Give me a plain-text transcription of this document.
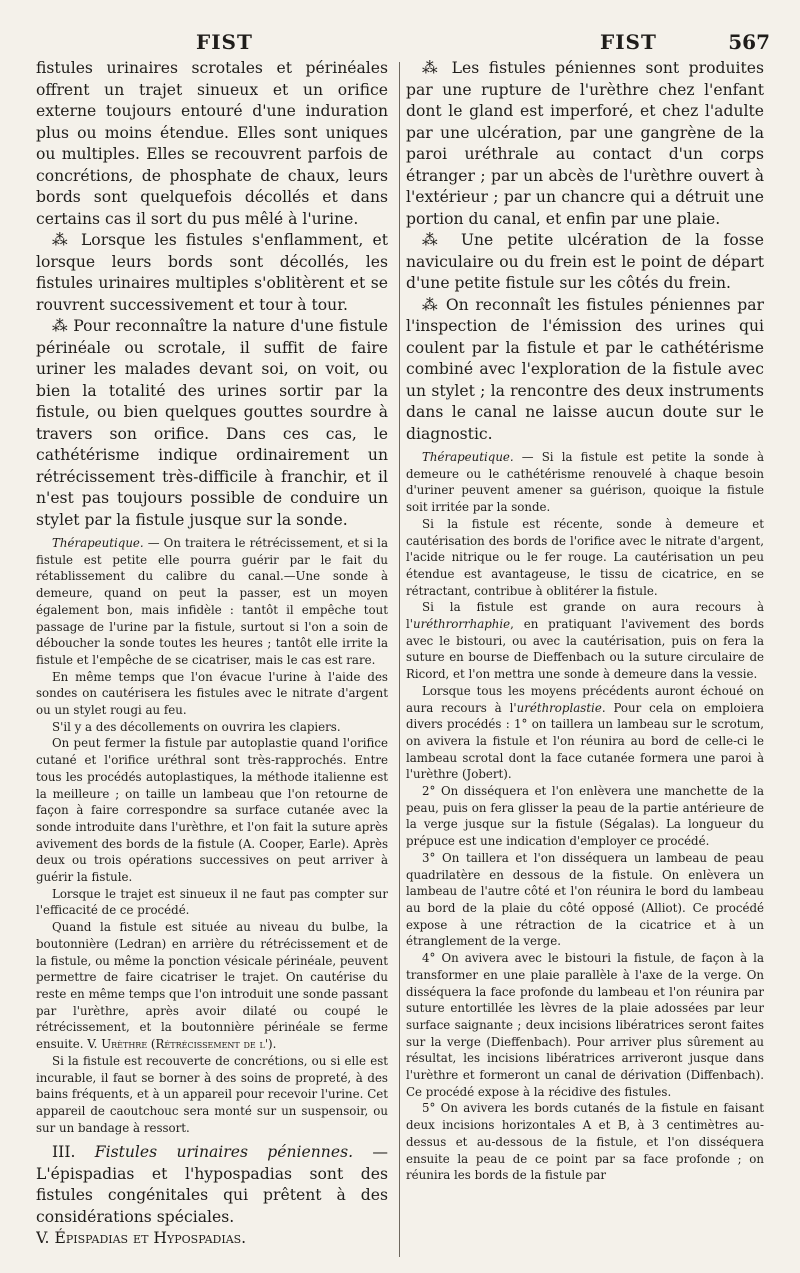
FIST	FIST	567

fistules urinaires scrotales et périnéales offrent un trajet sinueux et un orifice externe toujours entouré d'une induration plus ou moins étendue. Elles sont uniques ou multiples. Elles se recouvrent parfois de concrétions, de phosphate de chaux, leurs bords sont quelquefois décollés et dans certains cas il sort du pus mêlé à l'urine.

⁂ Lorsque les fistules s'enflamment, et lorsque leurs bords sont décollés, les fistules urinaires multiples s'oblitèrent et se rouvrent successivement et tour à tour.

⁂ Pour reconnaître la nature d'une fistule périnéale ou scrotale, il suffit de faire uriner les malades devant soi, on voit, ou bien la totalité des urines sortir par la fistule, ou bien quelques gouttes sourdre à travers son orifice. Dans ces cas, le cathétérisme indique ordinairement un rétrécissement très-difficile à franchir, et il n'est pas toujours possible de conduire un stylet par la fistule jusque sur la sonde.

Thérapeutique. — On traitera le rétrécissement, et si la fistule est petite elle pourra guérir par le fait du rétablissement du calibre du canal.—Une sonde à demeure, quand on peut la passer, est un moyen également bon, mais infidèle : tantôt il empêche tout passage de l'urine par la fistule, surtout si l'on a soin de déboucher la sonde toutes les heures ; tantôt elle irrite la fistule et l'empêche de se cicatriser, mais le cas est rare.

En même temps que l'on évacue l'urine à l'aide des sondes on cautérisera les fistules avec le nitrate d'argent ou un stylet rougi au feu.

S'il y a des décollements on ouvrira les clapiers.

On peut fermer la fistule par autoplastie quand l'orifice cutané et l'orifice uréthral sont très-rapprochés. Entre tous les procédés autoplastiques, la méthode italienne est la meilleure ; on taille un lambeau que l'on retourne de façon à faire correspondre sa surface cutanée avec la sonde introduite dans l'urèthre, et l'on fait la suture après avivement des bords de la fistule (A. Cooper, Earle). Après deux ou trois opérations successives on peut arriver à guérir la fistule.

Lorsque le trajet est sinueux il ne faut pas compter sur l'efficacité de ce procédé.

Quand la fistule est située au niveau du bulbe, la boutonnière (Ledran) en arrière du rétrécissement et de la fistule, ou même la ponction vésicale périnéale, peuvent permettre de faire cicatriser le trajet. On cautérise du reste en même temps que l'on introduit une sonde passant par l'urèthre, après avoir dilaté ou coupé le rétrécissement, et la boutonnière périnéale se ferme ensuite. V. Urèthre (Rétrécissement de l').

Si la fistule est recouverte de concrétions, ou si elle est incurable, il faut se borner à des soins de propreté, à des bains fréquents, et à un appareil pour recevoir l'urine. Cet appareil de caoutchouc sera monté sur un suspensoir, ou sur un bandage à ressort.

III. Fistules urinaires péniennes. — L'épispadias et l'hypospadias sont des fistules congénitales qui prêtent à des considérations spéciales.

V. Épispadias et Hypospadias.

⁂ Les fistules péniennes sont produites par une rupture de l'urèthre chez l'enfant dont le gland est imperforé, et chez l'adulte par une ulcération, par une gangrène de la paroi uréthrale au contact d'un corps étranger ; par un abcès de l'urèthre ouvert à l'extérieur ; par un chancre qui a détruit une portion du canal, et enfin par une plaie.

⁂ Une petite ulcération de la fosse naviculaire ou du frein est le point de départ d'une petite fistule sur les côtés du frein.

⁂ On reconnaît les fistules péniennes par l'inspection de l'émission des urines qui coulent par la fistule et par le cathétérisme combiné avec l'exploration de la fistule avec un stylet ; la rencontre des deux instruments dans le canal ne laisse aucun doute sur le diagnostic.

Thérapeutique. — Si la fistule est petite la sonde à demeure ou le cathétérisme renouvelé à chaque besoin d'uriner peuvent amener sa guérison, quoique la fistule soit irritée par la sonde.

Si la fistule est récente, sonde à demeure et cautérisation des bords de l'orifice avec le nitrate d'argent, l'acide nitrique ou le fer rouge. La cautérisation un peu étendue est avantageuse, le tissu de cicatrice, en se rétractant, contribue à oblitérer la fistule.

Si la fistule est grande on aura recours à l'uréthrorrhaphie, en pratiquant l'avivement des bords avec le bistouri, ou avec la cautérisation, puis on fera la suture en bourse de Dieffenbach ou la suture circulaire de Ricord, et l'on mettra une sonde à demeure dans la vessie.

Lorsque tous les moyens précédents auront échoué on aura recours à l'uréthroplastie. Pour cela on emploiera divers procédés : 1° on taillera un lambeau sur le scrotum, on avivera la fistule et l'on réunira au bord de celle-ci le lambeau scrotal dont la face cutanée formera une paroi à l'urèthre (Jobert).

2° On disséquera et l'on enlèvera une manchette de la peau, puis on fera glisser la peau de la partie antérieure de la verge jusque sur la fistule (Ségalas). La longueur du prépuce est une indication d'employer ce procédé.

3° On taillera et l'on disséquera un lambeau de peau quadrilatère en dessous de la fistule. On enlèvera un lambeau de l'autre côté et l'on réunira le bord du lambeau au bord de la plaie du côté opposé (Alliot). Ce procédé expose à une rétraction de la cicatrice et à un étranglement de la verge.

4° On avivera avec le bistouri la fistule, de façon à la transformer en une plaie parallèle à l'axe de la verge. On disséquera la face profonde du lambeau et l'on réunira par suture entortillée les lèvres de la plaie adossées par leur surface saignante ; deux incisions libératrices seront faites sur la verge (Dieffenbach). Pour arriver plus sûrement au résultat, les incisions libératrices arriveront jusque dans l'urèthre et formeront un canal de dérivation (Diffenbach). Ce procédé expose à la récidive des fistules.

5° On avivera les bords cutanés de la fistule en faisant deux incisions horizontales A et B, à 3 centimètres au-dessus et au-dessous de la fistule, et l'on disséquera ensuite la peau de ce point par sa face profonde ; on réunira les bords de la fistule par
